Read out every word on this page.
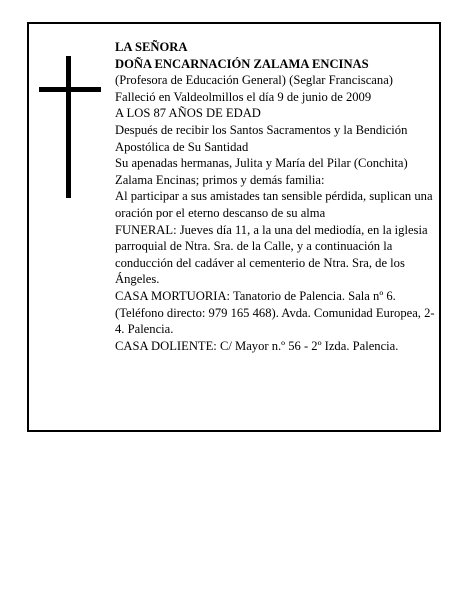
LA SEÑORA

DOÑA ENCARNACIÓN ZALAMA ENCINAS

(Profesora de Educación General) (Seglar Franciscana)

Falleció en Valdeolmillos el día 9 de junio de 2009

A LOS 87 AÑOS DE EDAD

Después de recibir los Santos Sacramentos y la Bendición Apostólica de Su Santidad

Su apenadas hermanas, Julita y María del Pilar (Conchita) Zalama Encinas; primos y demás familia:

Al participar a sus amistades tan sensible pérdida, suplican una oración por el eterno descanso de su alma

FUNERAL: Jueves día 11, a la una del mediodía, en la iglesia parroquial de Ntra. Sra. de la Calle, y a continuación la conducción del cadáver al cementerio de Ntra. Sra, de los Ángeles.

CASA MORTUORIA: Tanatorio de Palencia. Sala nº 6. (Teléfono directo: 979 165 468). Avda. Comunidad Europea, 2-4. Palencia.

CASA DOLIENTE: C/ Mayor n.º 56 - 2º Izda. Palencia.
